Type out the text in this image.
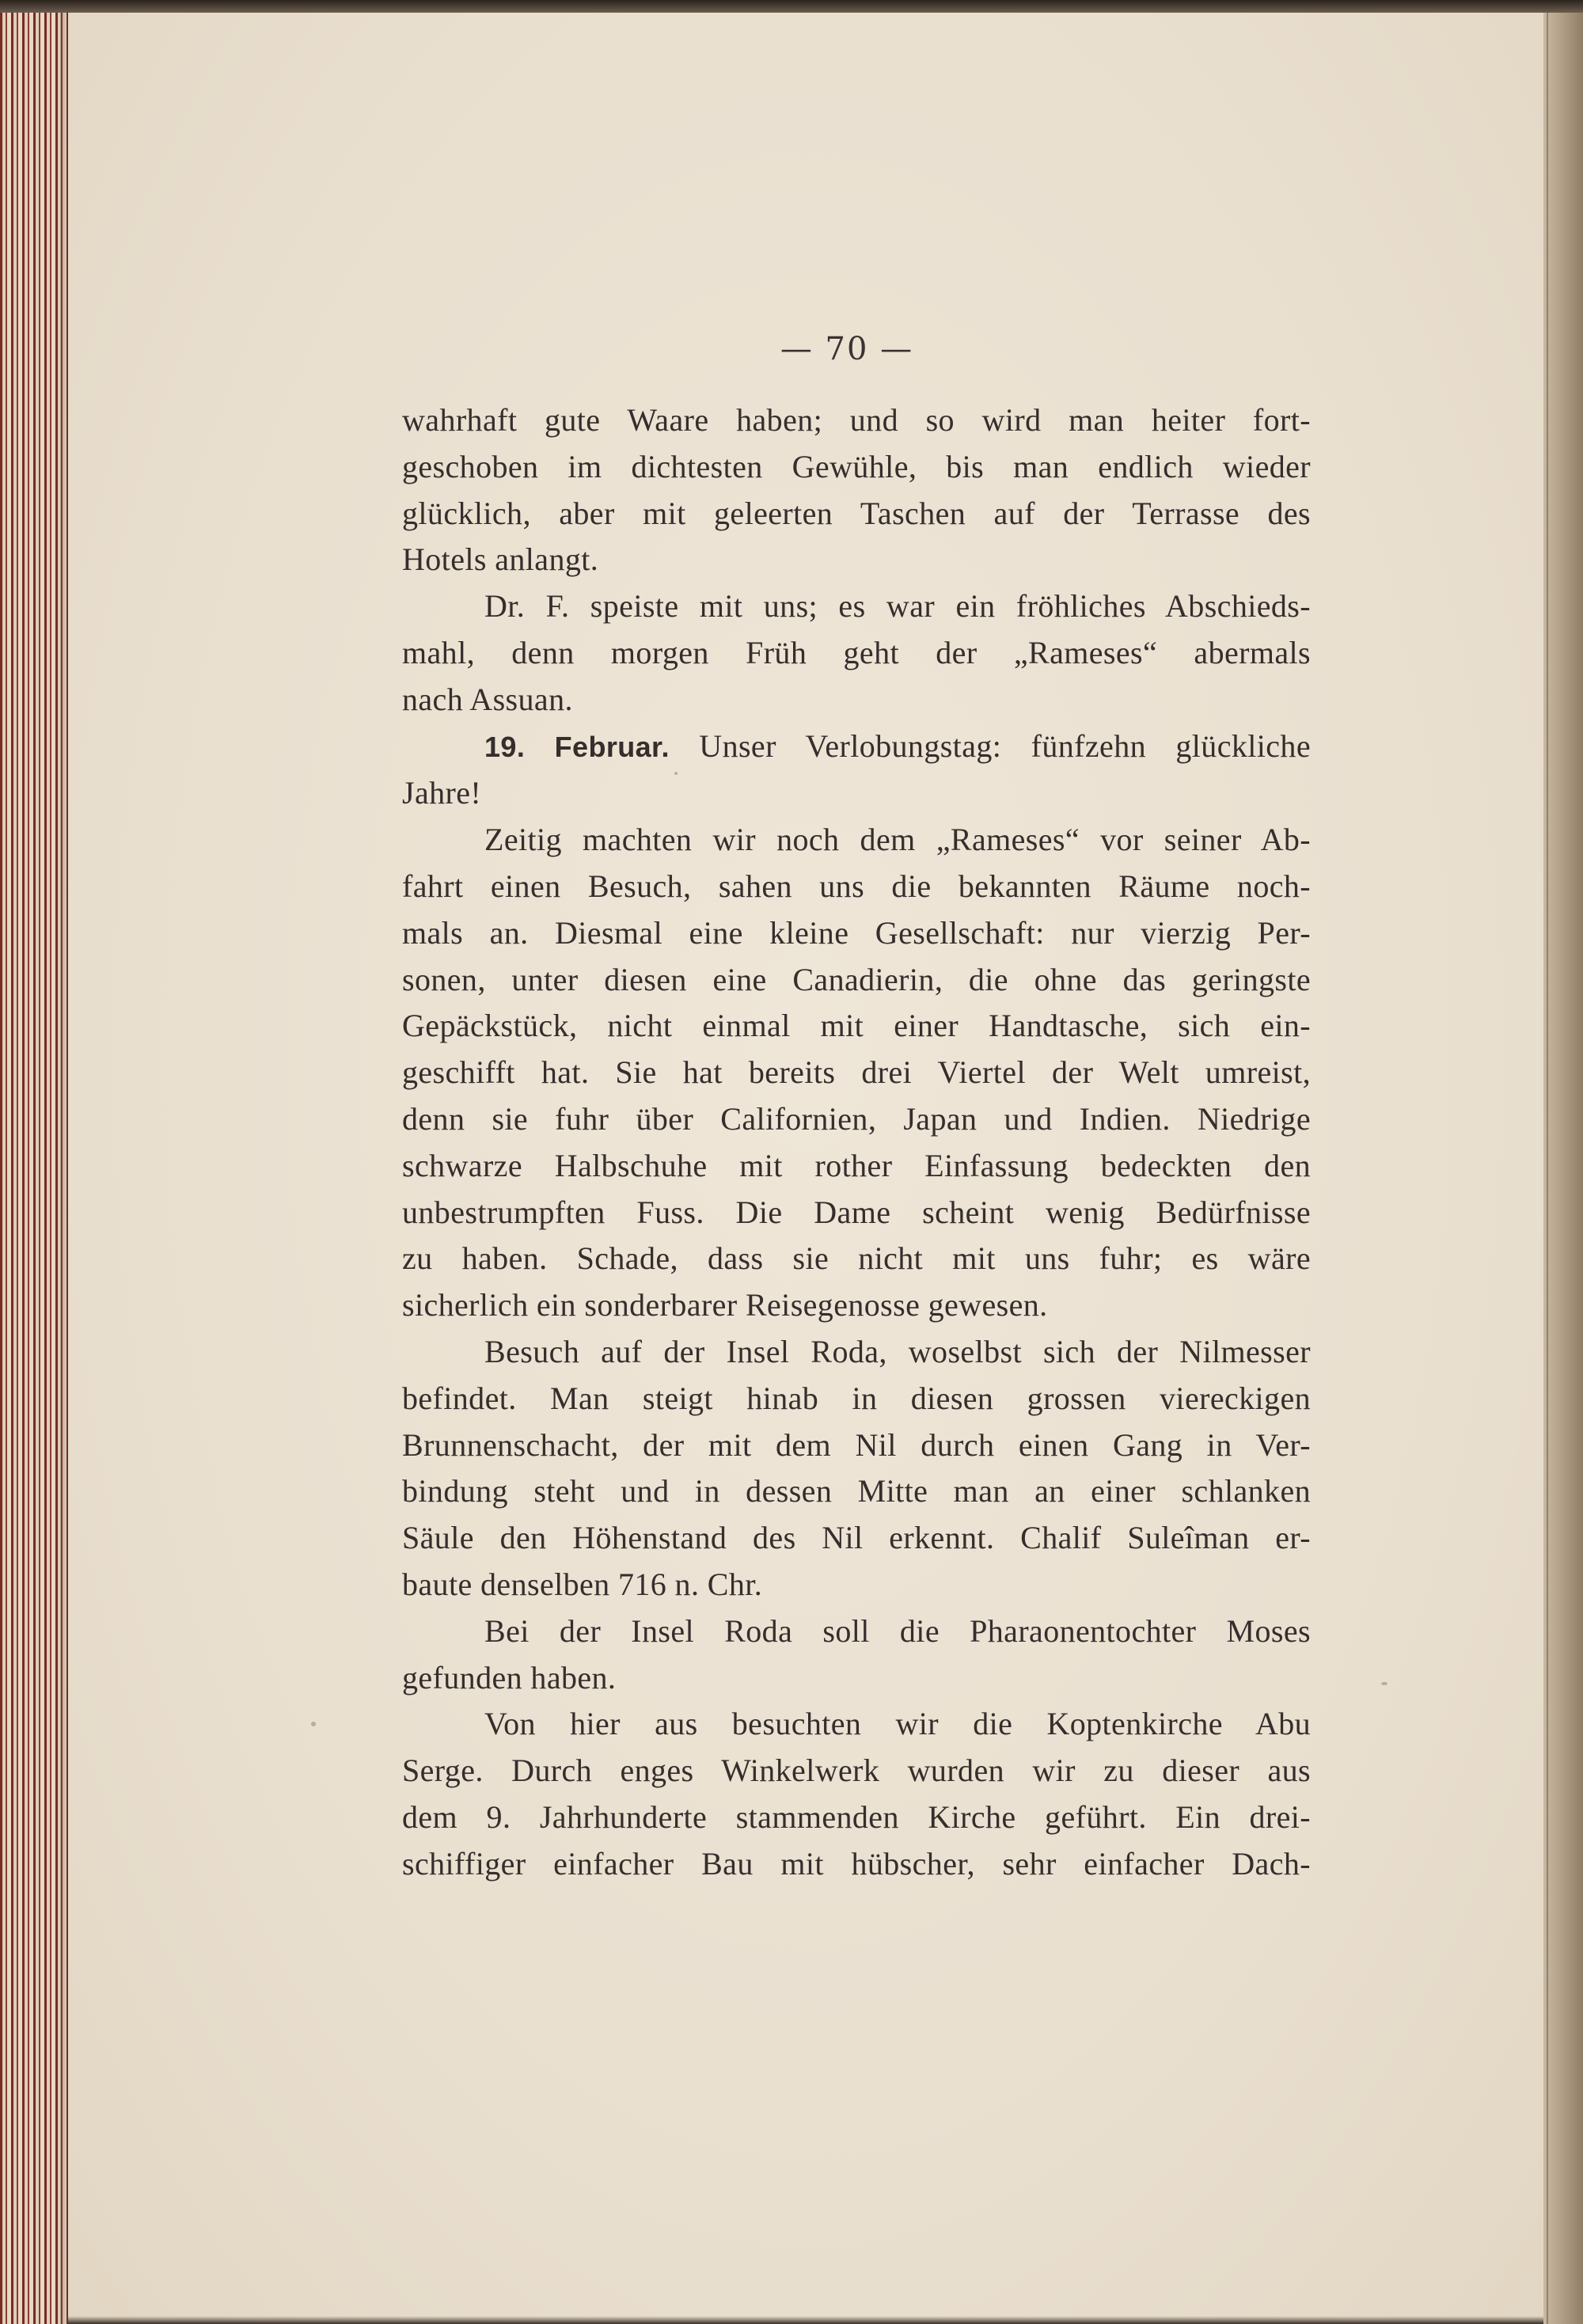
— 70 —

wahrhaft gute Waare haben; und so wird man heiter fort-
geschoben im dichtesten Gewühle, bis man endlich wieder
glücklich, aber mit geleerten Taschen auf der Terrasse des
Hotels anlangt.

Dr. F. speiste mit uns; es war ein fröhliches Abschieds-
mahl, denn morgen Früh geht der „Rameses“ abermals
nach Assuan.

19. Februar. Unser Verlobungstag: fünfzehn glückliche
Jahre!

Zeitig machten wir noch dem „Rameses“ vor seiner Ab-
fahrt einen Besuch, sahen uns die bekannten Räume noch-
mals an. Diesmal eine kleine Gesellschaft: nur vierzig Per-
sonen, unter diesen eine Canadierin, die ohne das geringste
Gepäckstück, nicht einmal mit einer Handtasche, sich ein-
geschifft hat. Sie hat bereits drei Viertel der Welt umreist,
denn sie fuhr über Californien, Japan und Indien. Niedrige
schwarze Halbschuhe mit rother Einfassung bedeckten den
unbestrumpften Fuss. Die Dame scheint wenig Bedürfnisse
zu haben. Schade, dass sie nicht mit uns fuhr; es wäre
sicherlich ein sonderbarer Reisegenosse gewesen.

Besuch auf der Insel Roda, woselbst sich der Nilmesser
befindet. Man steigt hinab in diesen grossen viereckigen
Brunnenschacht, der mit dem Nil durch einen Gang in Ver-
bindung steht und in dessen Mitte man an einer schlanken
Säule den Höhenstand des Nil erkennt. Chalif Suleîman er-
baute denselben 716 n. Chr.

Bei der Insel Roda soll die Pharaonentochter Moses
gefunden haben.

Von hier aus besuchten wir die Koptenkirche Abu
Serge. Durch enges Winkelwerk wurden wir zu dieser aus
dem 9. Jahrhunderte stammenden Kirche geführt. Ein drei-
schiffiger einfacher Bau mit hübscher, sehr einfacher Dach-
